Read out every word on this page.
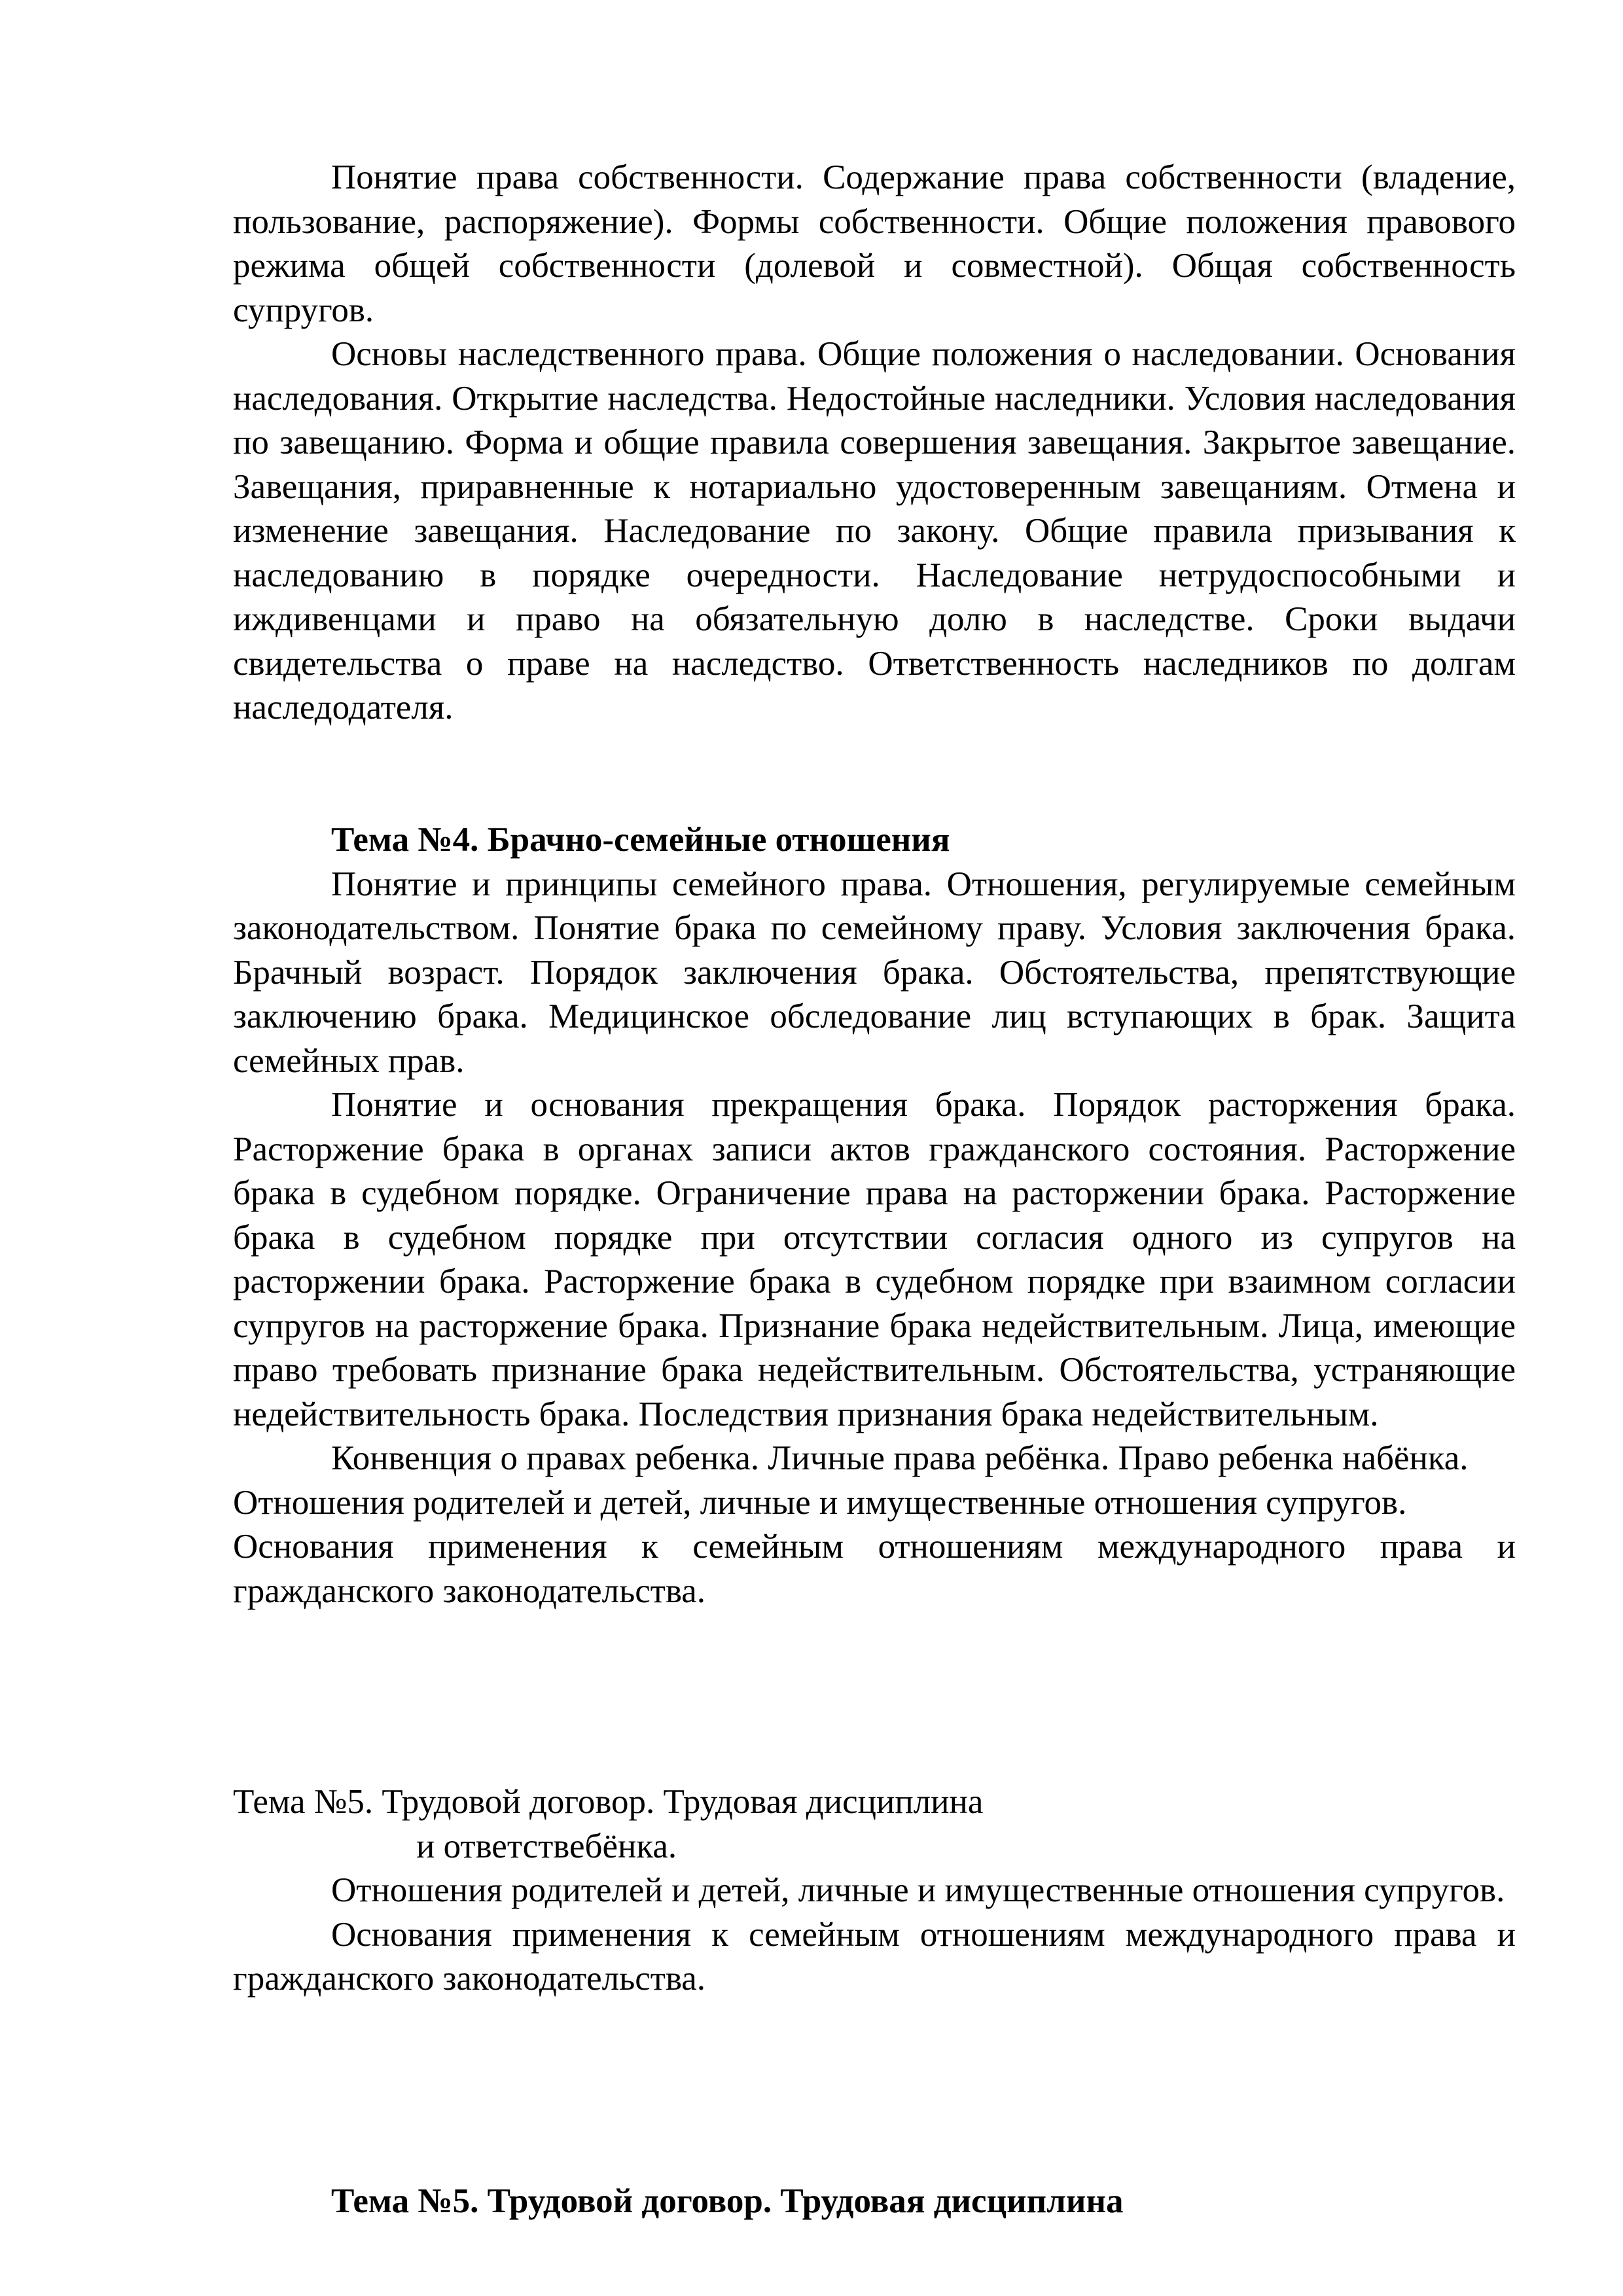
Понятие права собственности. Содержание права собственности (владение, пользование, распоряжение). Формы собственности. Общие положения правового режима общей собственности (долевой и совместной). Общая собственность супругов.

Основы наследственного права. Общие положения о наследовании. Основания наследования. Открытие наследства. Недостойные наследники. Условия наследования по завещанию. Форма и общие правила совершения завещания. Закрытое завещание. Завещания, приравненные к нотариально удостоверенным завещаниям. Отмена и изменение завещания. Наследование по закону. Общие правила призывания к наследованию в порядке очередности. Наследование нетрудоспособными и иждивенцами и право на обязательную долю в наследстве. Сроки выдачи свидетельства о праве на наследство. Ответственность наследников по долгам наследодателя.

Тема №4. Брачно-семейные отношения

Понятие и принципы семейного права. Отношения, регулируемые семейным законодательством. Понятие брака по семейному праву. Условия заключения брака. Брачный возраст. Порядок заключения брака. Обстоятельства, препятствующие заключению брака. Медицинское обследование лиц вступающих в брак. Защита семейных прав.

Понятие и основания прекращения брака. Порядок расторжения брака. Расторжение брака в органах записи актов гражданского состояния. Расторжение брака в судебном порядке. Ограничение права на расторжении брака. Расторжение брака в судебном порядке при отсутствии согласия одного из супругов на расторжении брака. Расторжение брака в судебном порядке при взаимном согласии супругов на расторжение брака. Признание брака недействительным. Лица, имеющие право требовать признание брака недействительным. Обстоятельства, устраняющие недействительность брака. Последствия признания брака недействительным.

Конвенция о правах ребенка. Личные права ребёнка. Право ребенка набёнка.

Отношения родителей и детей, личные и имущественные отношения супругов.

Основания применения к семейным отношениям международного права и гражданского законодательства.

Тема №5. Трудовой договор. Трудовая дисциплина

и ответствебёнка.

Отношения родителей и детей, личные и имущественные отношения супругов.

Основания применения к семейным отношениям международного права и гражданского законодательства.

Тема №5. Трудовой договор. Трудовая дисциплина
